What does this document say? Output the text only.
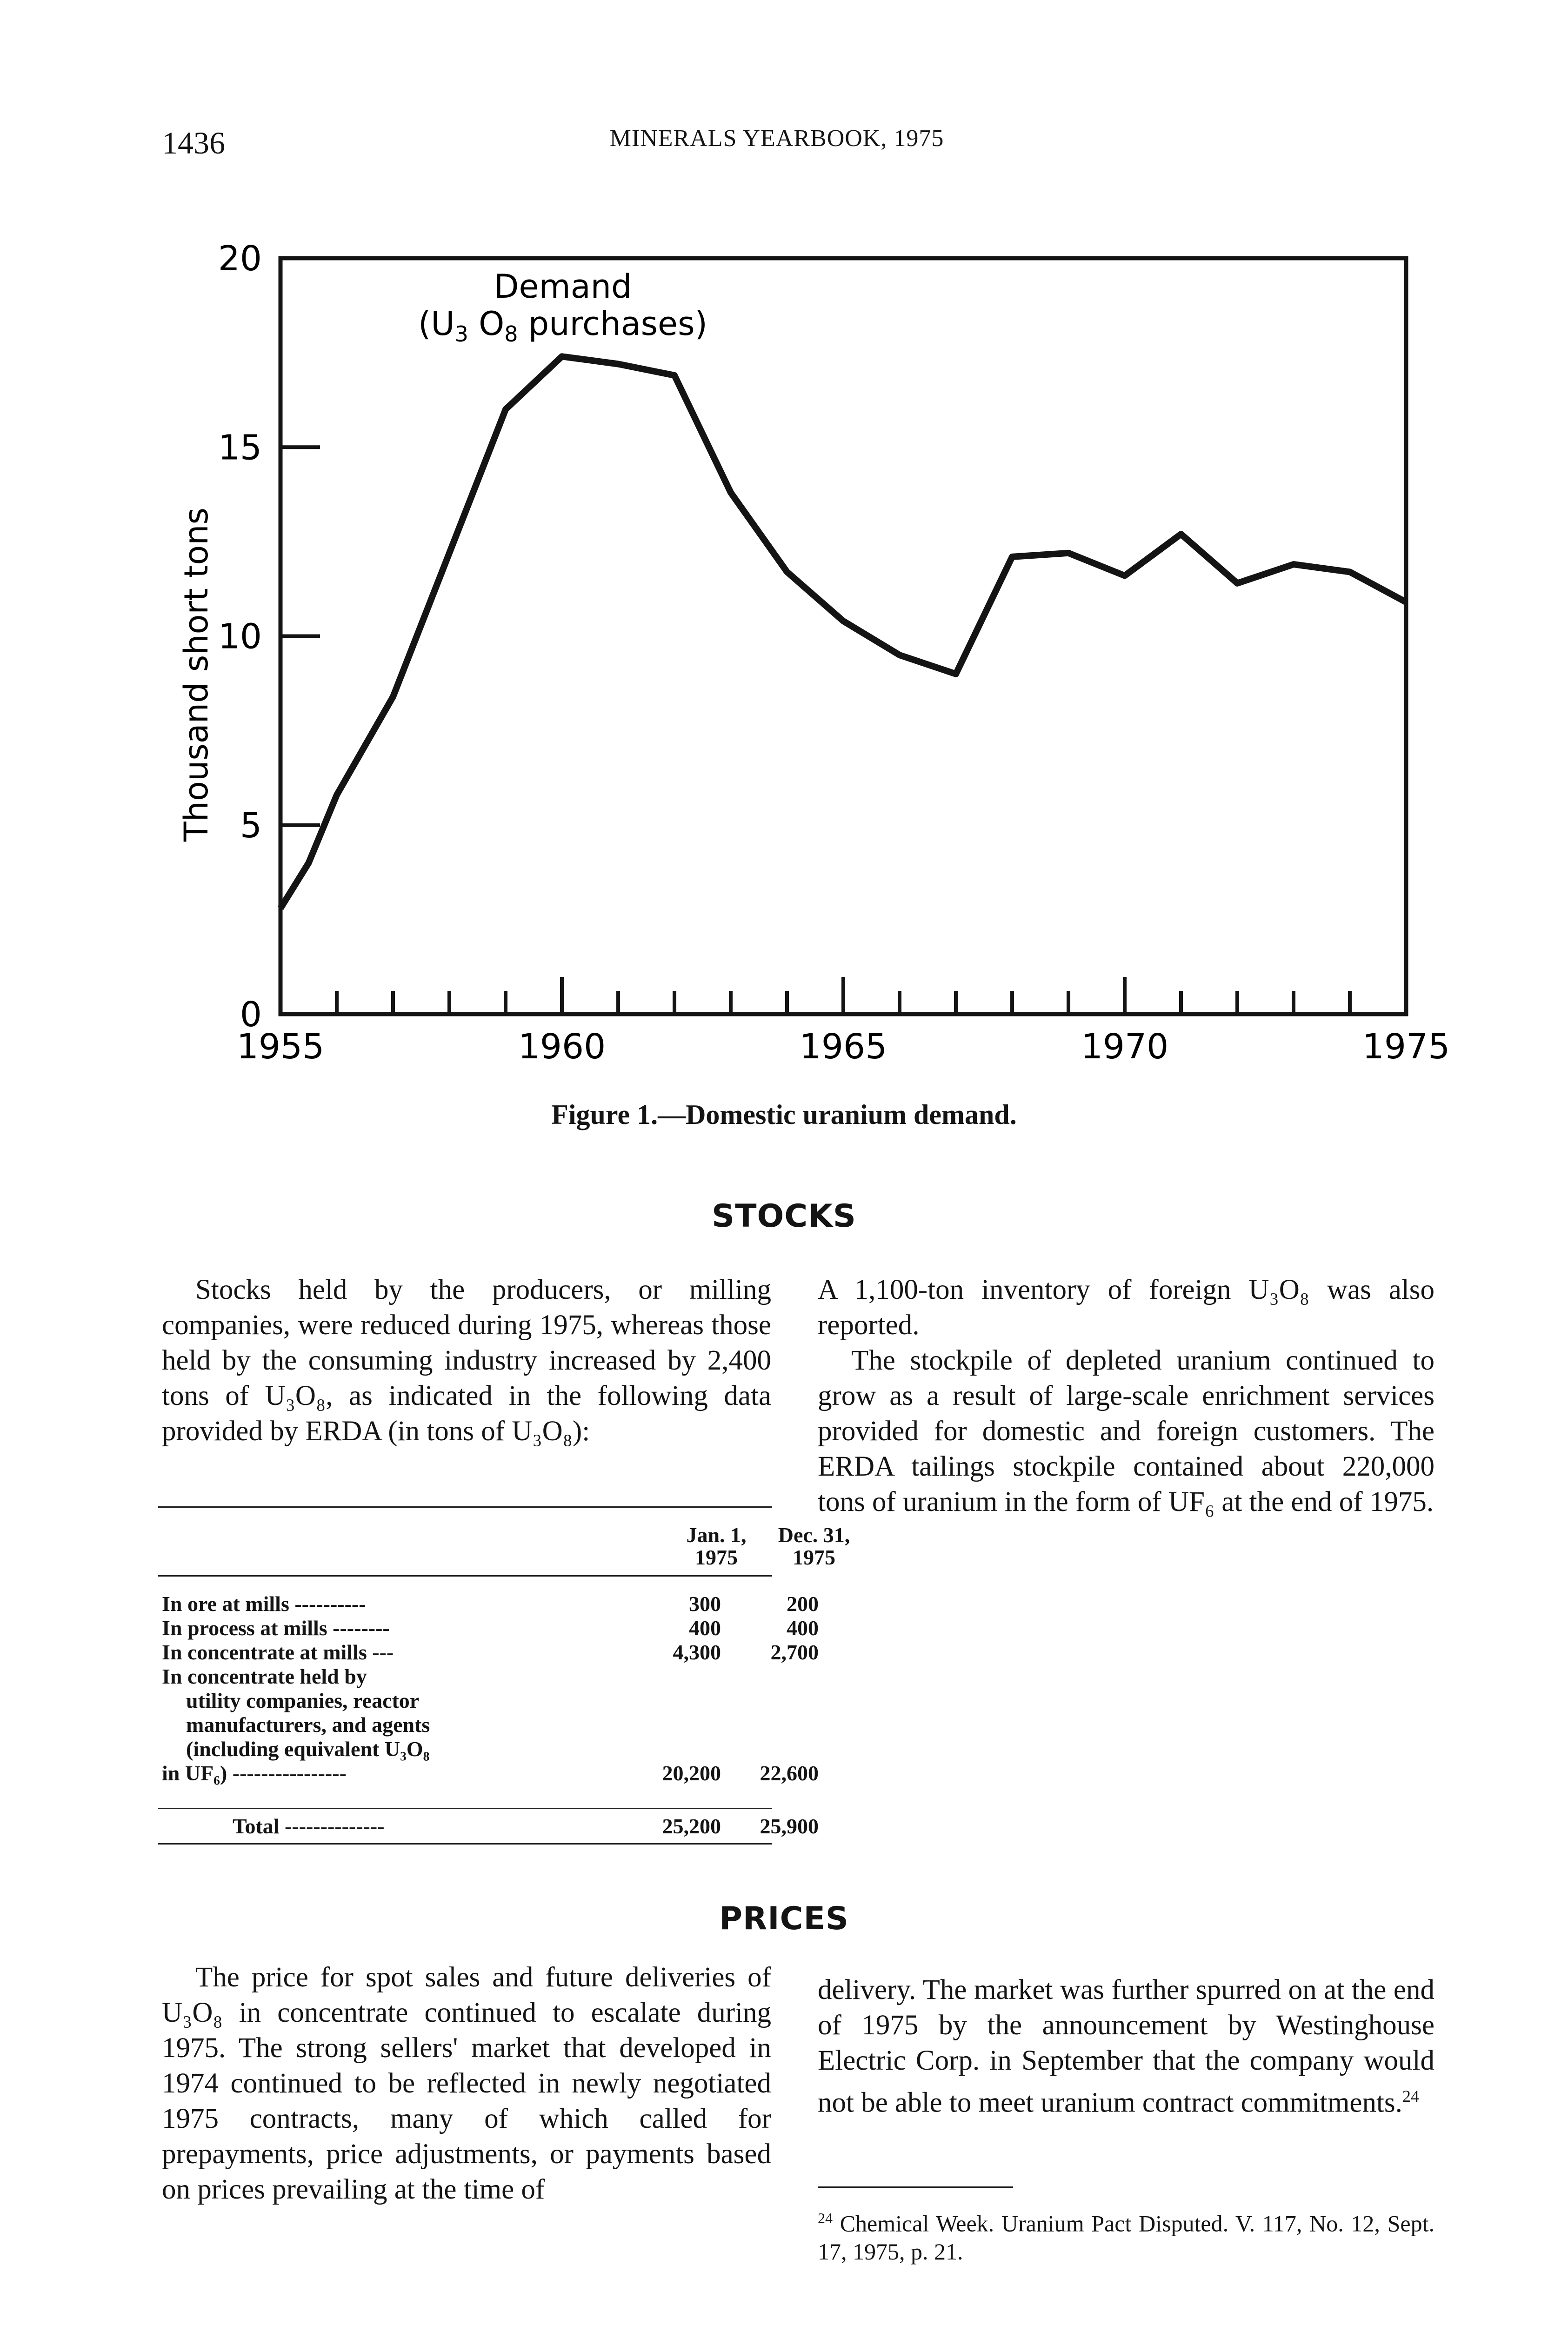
1436	MINERALS YEARBOOK, 1975
0
5
10
15
20
1955	1960	1965	1970	1975
Thousand short tons
Demand
($U_3$ $O_8$ purchases)
Figure 1.—Domestic uranium demand.
STOCKS

Stocks held by the producers, or milling companies, were reduced during 1975, whereas those held by the consuming industry increased by 2,400 tons of U₃O₈, as indicated in the following data provided by ERDA (in tons of U₃O₈):

A 1,100-ton inventory of foreign U₃O₈ was also reported.

The stockpile of depleted uranium continued to grow as a result of large-scale enrichment services provided for domestic and foreign customers. The ERDA tailings stockpile contained about 220,000 tons of uranium in the form of UF₆ at the end of 1975.

Jan. 1,
1975
Dec. 31,
1975
In ore at mills ----------	300	200
In process at mills --------	400	400
In concentrate at mills ---	4,300	2,700
In concentrate held by
utility companies, reactor
manufacturers, and agents
(including equivalent U₃O₈
in UF₆) ----------------	20,200	22,600
Total --------------	25,200	25,900
PRICES

The price for spot sales and future deliveries of U₃O₈ in concentrate continued to escalate during 1975. The strong sellers' market that developed in 1974 continued to be reflected in newly negotiated 1975 contracts, many of which called for prepayments, price adjustments, or payments based on prices prevailing at the time of

delivery. The market was further spurred on at the end of 1975 by the announcement by Westinghouse Electric Corp. in September that the company would not be able to meet uranium contract commitments.$^{24}$

$^{24}$ Chemical Week. Uranium Pact Disputed. V. 117, No. 12, Sept. 17, 1975, p. 21.
